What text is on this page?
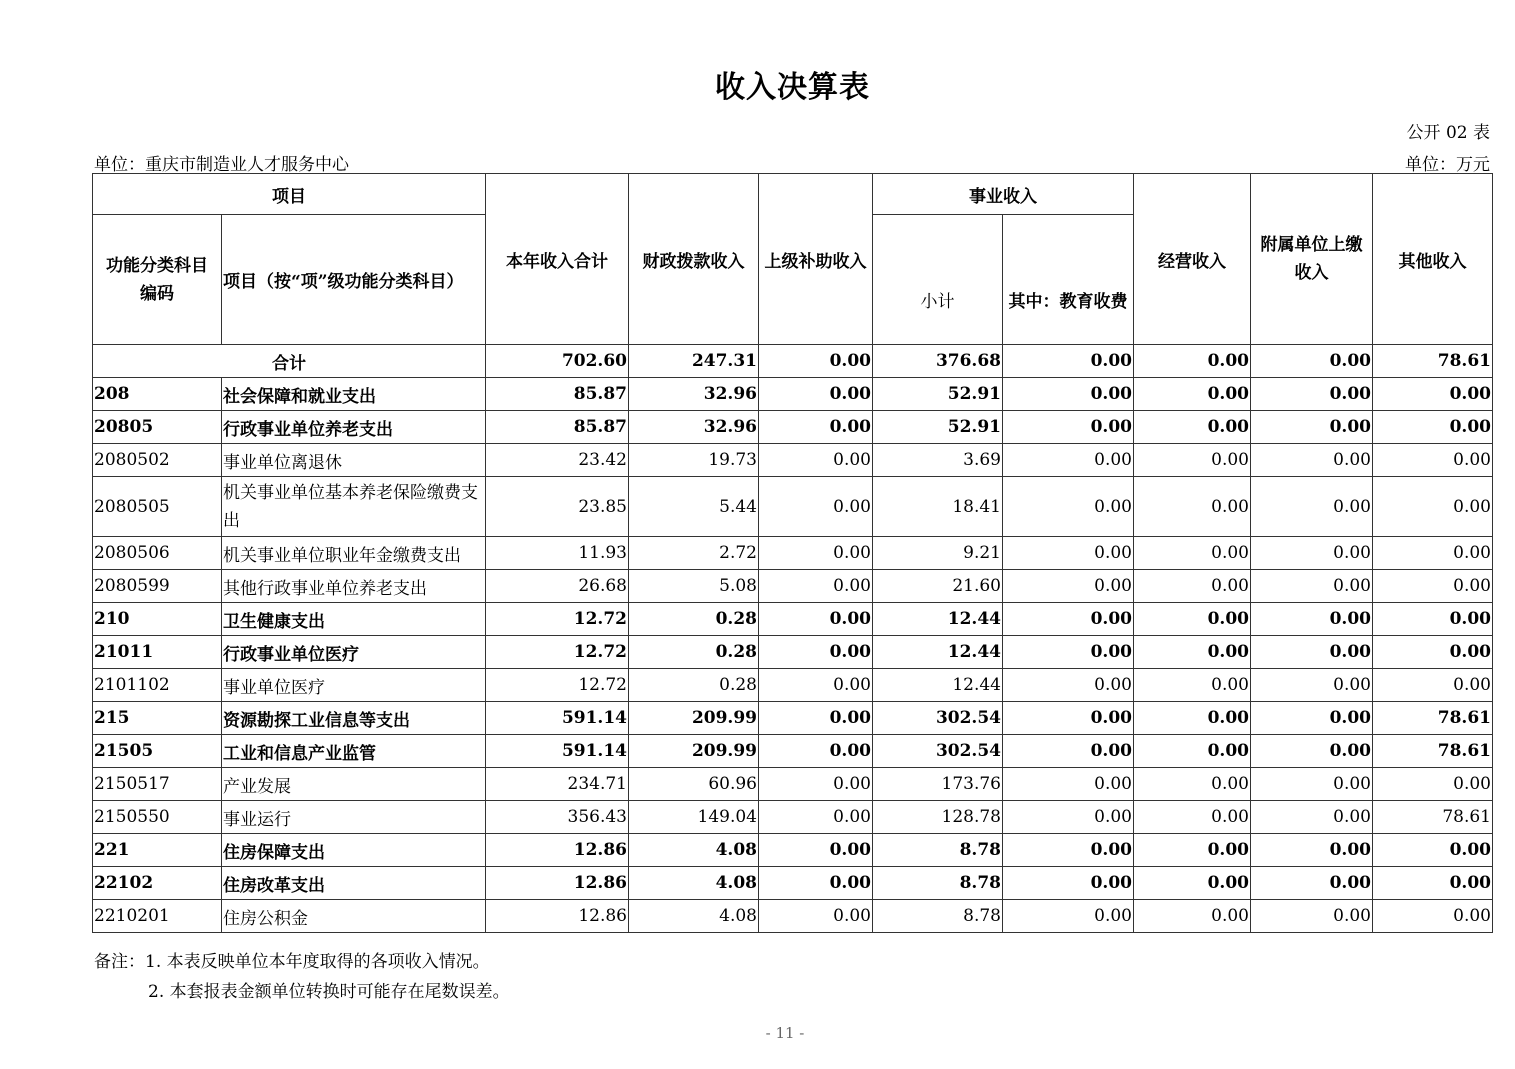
收入决算表
公开 02 表
单位：重庆市制造业人才服务中心	单位：万元
项目		本年收入合计	财政拨款收入	上级补助收入	事业收入		经营收入	附属单位上缴收入	其他收入
功能分类科目编码	项目（按“项”级功能分类科目）				小计	其中：教育收费			
合计		702.60	247.31	0.00	376.68	0.00	0.00	0.00	78.61
208	社会保障和就业支出	85.87	32.96	0.00	52.91	0.00	0.00	0.00	0.00
20805	行政事业单位养老支出	85.87	32.96	0.00	52.91	0.00	0.00	0.00	0.00
2080502	事业单位离退休	23.42	19.73	0.00	3.69	0.00	0.00	0.00	0.00
2080505	机关事业单位基本养老保险缴费支出	23.85	5.44	0.00	18.41	0.00	0.00	0.00	0.00
2080506	机关事业单位职业年金缴费支出	11.93	2.72	0.00	9.21	0.00	0.00	0.00	0.00
2080599	其他行政事业单位养老支出	26.68	5.08	0.00	21.60	0.00	0.00	0.00	0.00
210	卫生健康支出	12.72	0.28	0.00	12.44	0.00	0.00	0.00	0.00
21011	行政事业单位医疗	12.72	0.28	0.00	12.44	0.00	0.00	0.00	0.00
2101102	事业单位医疗	12.72	0.28	0.00	12.44	0.00	0.00	0.00	0.00
215	资源勘探工业信息等支出	591.14	209.99	0.00	302.54	0.00	0.00	0.00	78.61
21505	工业和信息产业监管	591.14	209.99	0.00	302.54	0.00	0.00	0.00	78.61
2150517	产业发展	234.71	60.96	0.00	173.76	0.00	0.00	0.00	0.00
2150550	事业运行	356.43	149.04	0.00	128.78	0.00	0.00	0.00	78.61
221	住房保障支出	12.86	4.08	0.00	8.78	0.00	0.00	0.00	0.00
22102	住房改革支出	12.86	4.08	0.00	8.78	0.00	0.00	0.00	0.00
2210201	住房公积金	12.86	4.08	0.00	8.78	0.00	0.00	0.00	0.00
备注：1. 本表反映单位本年度取得的各项收入情况。
2. 本套报表金额单位转换时可能存在尾数误差。
- 11 -
